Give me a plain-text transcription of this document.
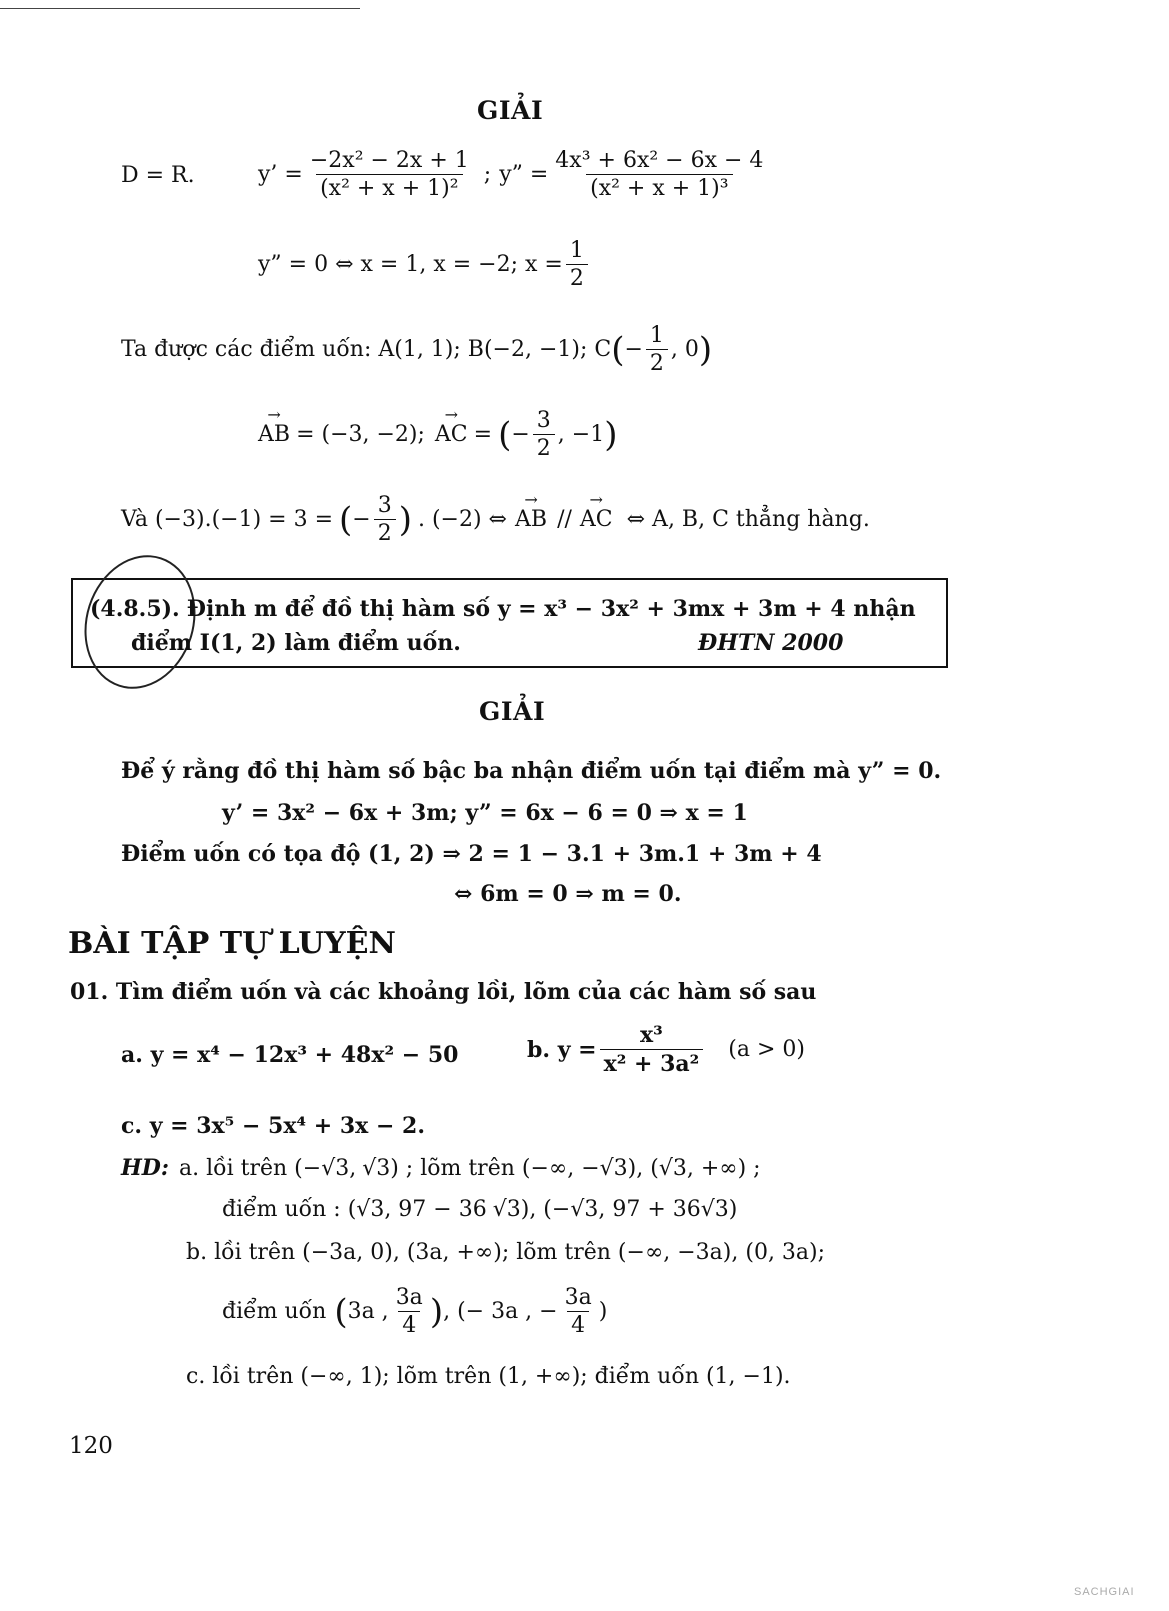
GIẢI
D = R.	y’ = $\frac{\text{−2x² − 2x + 1}}{\text{(x² + x + 1)²}}$ ; y” = $\frac{\text{4x³ + 6x² − 6x − 4}}{\text{(x² + x + 1)³}}$
y” = 0 ⇔ x = 1, x = −2; $x = \frac{1}{2}$
Ta được các điểm uốn: A(1, 1); B(−2, −1); C ( − $\frac{1}{2}$ , 0 )
→ AB = (−3, −2); → AC = ( − $\frac{3}{2}$ , −1 )
Và (−3).(−1) = 3 = ( − $\frac{3}{2}$ ) . (−2) ⇔ → AB // → AC ⇔ A, B, C thẳng hàng.
(4.8.5). Định m để đồ thị hàm số y = x³ − 3x² + 3mx + 3m + 4 nhận
điểm I(1, 2) làm điểm uốn.	ĐHTN 2000
GIẢI
Để ý rằng đồ thị hàm số bậc ba nhận điểm uốn tại điểm mà y” = 0.
y’ = 3x² − 6x + 3m; y” = 6x − 6 = 0 ⇒ x = 1
Điểm uốn có tọa độ (1, 2) ⇒ 2 = 1 − 3.1 + 3m.1 + 3m + 4
⇔ 6m = 0 ⇒ m = 0.
BÀI TẬP TỰ LUYỆN
01. Tìm điểm uốn và các khoảng lồi, lõm của các hàm số sau
a. y = x⁴ − 12x³ + 48x² − 50	b. $y = \frac{\text{x³}}{\text{x² + 3a²}} (a > 0)$
c. y = 3x⁵ − 5x⁴ + 3x − 2.
HD: a. lồi trên (− √3 , √3 ) ; lõm trên (−∞, − √3 ), ( √3 , +∞) ;
điểm uốn : ( √3 , 97 − 36 √3 ), (− √3 , 97 + 36 √3 )
b. lồi trên (−3a, 0), (3a, +∞); lõm trên (−∞, −3a), (0, 3a);
điểm uốn ( 3a , $\frac{3a}{4}$ ) , (− 3a , − $\frac{3a}{4}$ )
c. lồi trên (−∞, 1); lõm trên (1, +∞); điểm uốn (1, −1).
120
SACHGIAI
